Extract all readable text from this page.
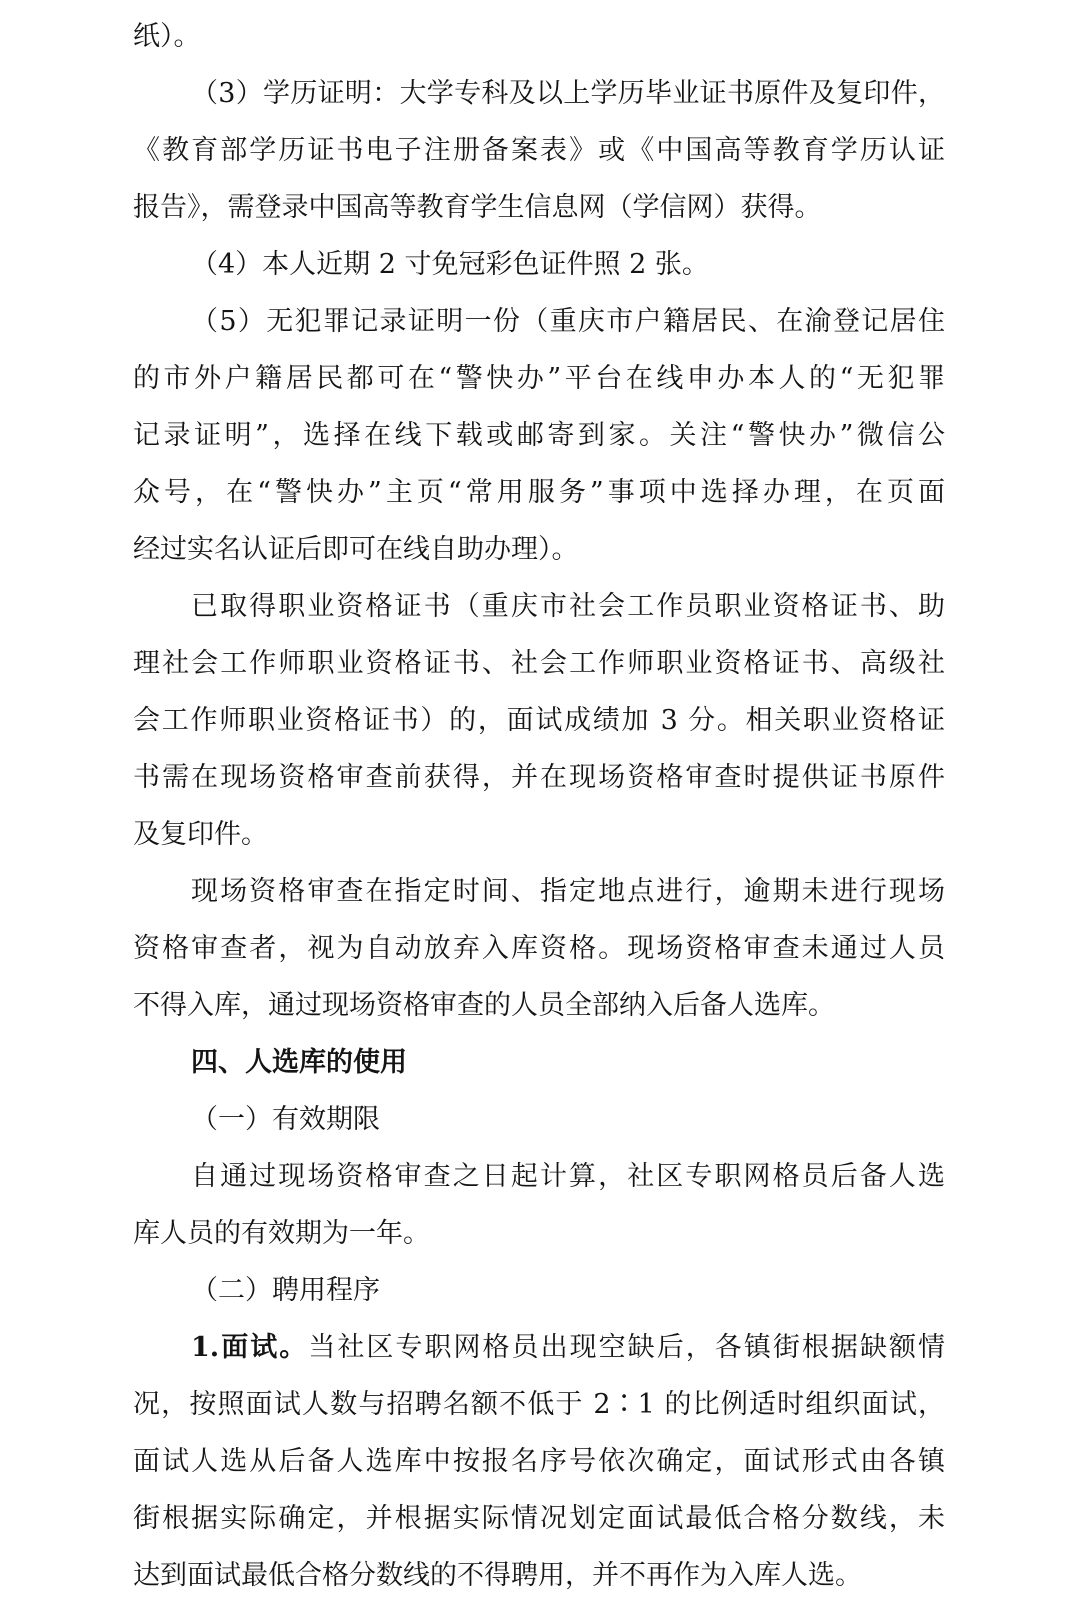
纸）。
（3）学历证明：大学专科及以上学历毕业证书原件及复印件，
《教育部学历证书电子注册备案表》或《中国高等教育学历认证
报告》，需登录中国高等教育学生信息网（学信网）获得。
（4）本人近期 2 寸免冠彩色证件照 2 张。
（5）无犯罪记录证明一份（重庆市户籍居民、在渝登记居住
的市外户籍居民都可在“警快办”平台在线申办本人的“无犯罪
记录证明”，选择在线下载或邮寄到家。关注“警快办”微信公
众号，在“警快办”主页“常用服务”事项中选择办理，在页面
经过实名认证后即可在线自助办理）。
已取得职业资格证书（重庆市社会工作员职业资格证书、助
理社会工作师职业资格证书、社会工作师职业资格证书、高级社
会工作师职业资格证书）的，面试成绩加 3 分。相关职业资格证
书需在现场资格审查前获得，并在现场资格审查时提供证书原件
及复印件。
现场资格审查在指定时间、指定地点进行，逾期未进行现场
资格审查者，视为自动放弃入库资格。现场资格审查未通过人员
不得入库，通过现场资格审查的人员全部纳入后备人选库。
四、人选库的使用
（一）有效期限
自通过现场资格审查之日起计算，社区专职网格员后备人选
库人员的有效期为一年。
（二）聘用程序
1.面试。当社区专职网格员出现空缺后，各镇街根据缺额情
况，按照面试人数与招聘名额不低于 2∶1 的比例适时组织面试，
面试人选从后备人选库中按报名序号依次确定，面试形式由各镇
街根据实际确定，并根据实际情况划定面试最低合格分数线，未
达到面试最低合格分数线的不得聘用，并不再作为入库人选。
